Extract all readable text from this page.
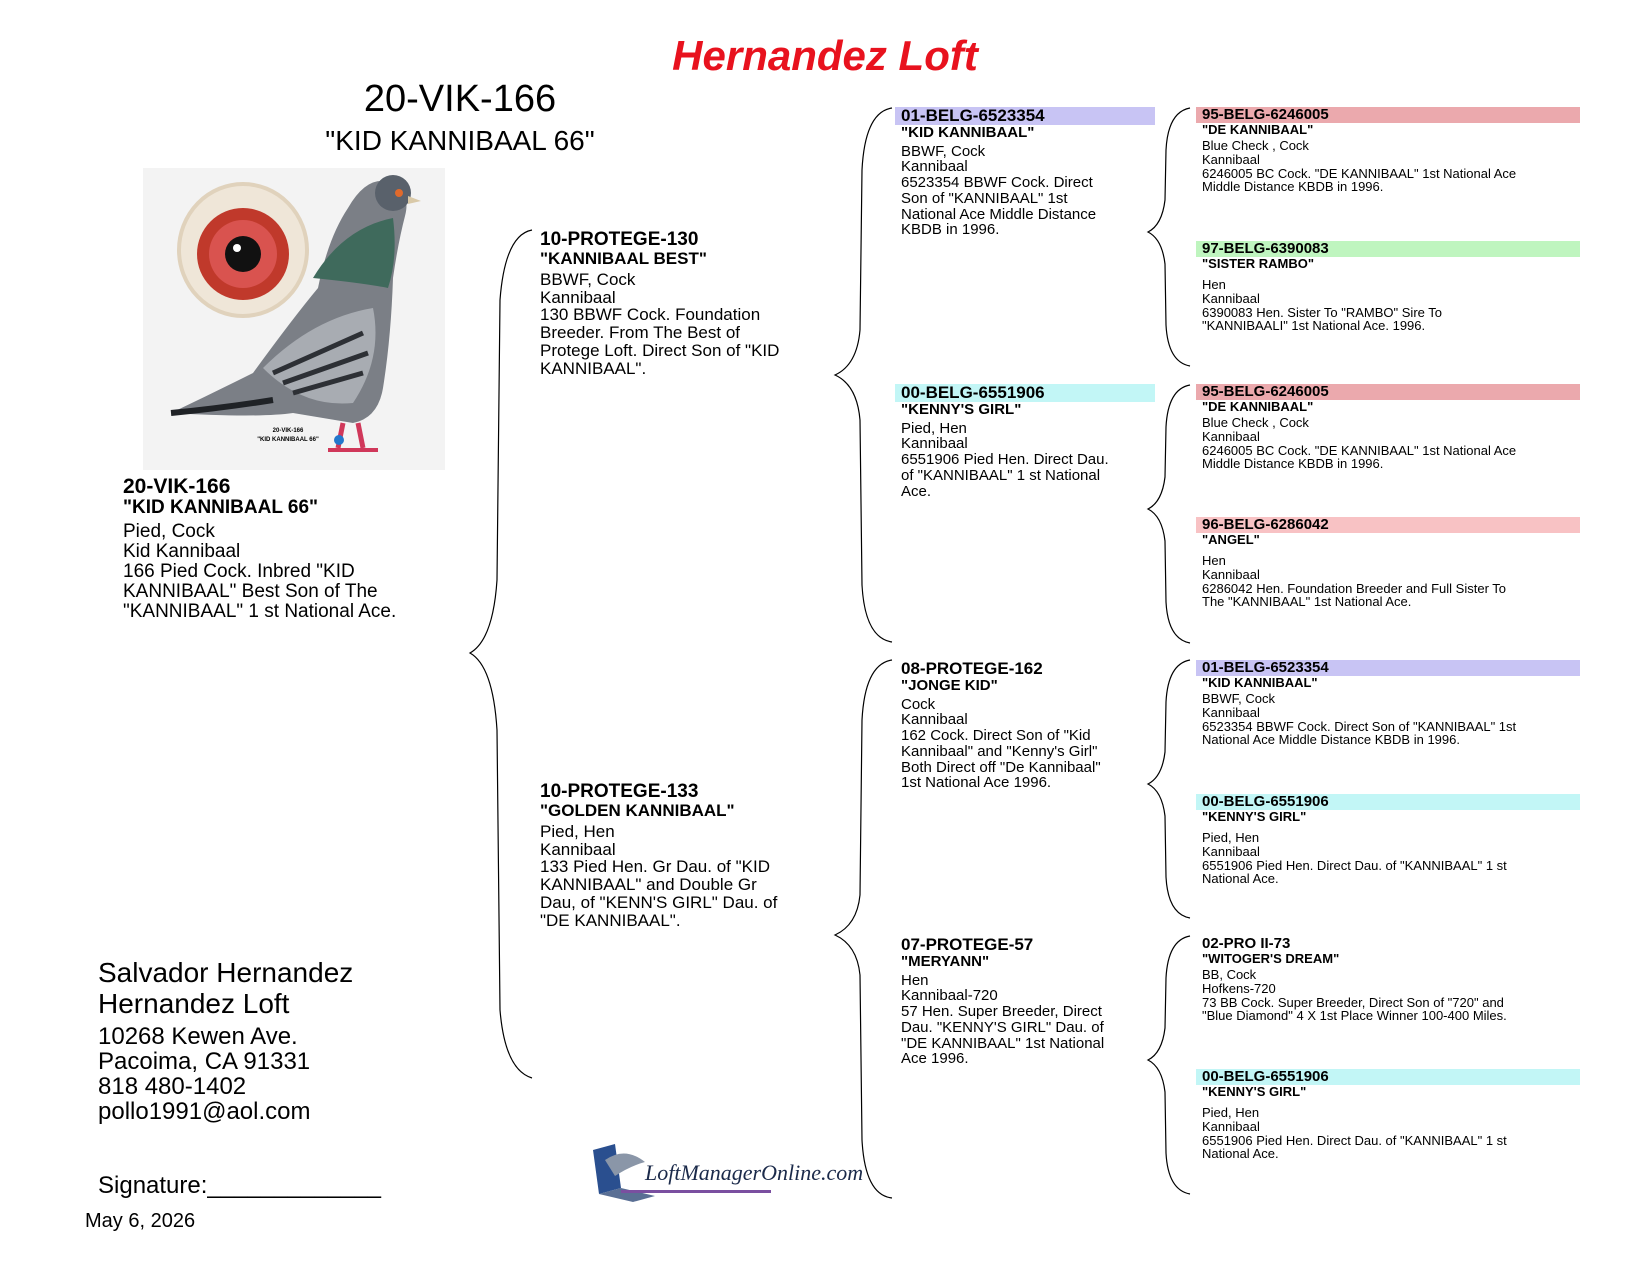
Hernandez Loft
20-VIK-166
"KID KANNIBAAL 66"
20-VIK-166
"KID KANNIBAAL 66"
20-VIK-166
"KID KANNIBAAL 66"
Pied, Cock
Kid Kannibaal
166 Pied Cock. Inbred "KID
KANNIBAAL" Best Son of The
"KANNIBAAL" 1 st National Ace.
10-PROTEGE-130
"KANNIBAAL BEST"
BBWF, Cock
Kannibaal
130 BBWF Cock. Foundation
Breeder. From The Best of
Protege Loft. Direct Son of "KID
KANNIBAAL".
10-PROTEGE-133
"GOLDEN KANNIBAAL"
Pied, Hen
Kannibaal
133 Pied Hen. Gr Dau. of "KID
KANNIBAAL" and Double Gr
Dau, of "KENN'S GIRL" Dau. of
"DE KANNIBAAL".
01-BELG-6523354
"KID KANNIBAAL"
BBWF, Cock
Kannibaal
6523354 BBWF Cock. Direct
Son of "KANNIBAAL" 1st
National Ace Middle Distance
KBDB in 1996.
00-BELG-6551906
"KENNY'S GIRL"
Pied, Hen
Kannibaal
6551906 Pied Hen. Direct Dau.
of "KANNIBAAL" 1 st National
Ace.
08-PROTEGE-162
"JONGE KID"
Cock
Kannibaal
162 Cock. Direct Son of "Kid
Kannibaal" and "Kenny's Girl"
Both Direct off "De Kannibaal"
1st National Ace 1996.
07-PROTEGE-57
"MERYANN"
Hen
Kannibaal-720
57 Hen. Super Breeder, Direct
Dau. "KENNY'S GIRL" Dau. of
"DE KANNIBAAL" 1st National
Ace 1996.
95-BELG-6246005
"DE KANNIBAAL"
Blue Check , Cock
Kannibaal
6246005 BC Cock. "DE KANNIBAAL" 1st National Ace
Middle Distance KBDB in 1996.
97-BELG-6390083
"SISTER RAMBO"
Hen
Kannibaal
6390083 Hen. Sister To "RAMBO" Sire To
"KANNIBAALI" 1st National Ace. 1996.
95-BELG-6246005
"DE KANNIBAAL"
Blue Check , Cock
Kannibaal
6246005 BC Cock. "DE KANNIBAAL" 1st National Ace
Middle Distance KBDB in 1996.
96-BELG-6286042
"ANGEL"
Hen
Kannibaal
6286042 Hen. Foundation Breeder and Full Sister To
The "KANNIBAAL" 1st National Ace.
01-BELG-6523354
"KID KANNIBAAL"
BBWF, Cock
Kannibaal
6523354 BBWF Cock. Direct Son of "KANNIBAAL" 1st
National Ace Middle Distance KBDB in 1996.
00-BELG-6551906
"KENNY'S GIRL"
Pied, Hen
Kannibaal
6551906 Pied Hen. Direct Dau. of "KANNIBAAL" 1 st
National Ace.
02-PRO II-73
"WITOGER'S DREAM"
BB, Cock
Hofkens-720
73 BB Cock. Super Breeder, Direct Son of "720" and
"Blue Diamond" 4 X 1st Place Winner 100-400 Miles.
00-BELG-6551906
"KENNY'S GIRL"
Pied, Hen
Kannibaal
6551906 Pied Hen. Direct Dau. of "KANNIBAAL" 1 st
National Ace.
Salvador Hernandez
Hernandez Loft
10268 Kewen Ave.
Pacoima, CA 91331
818 480-1402
pollo1991@aol.com
Signature:_____________
May 6, 2026
LoftManagerOnline.com
